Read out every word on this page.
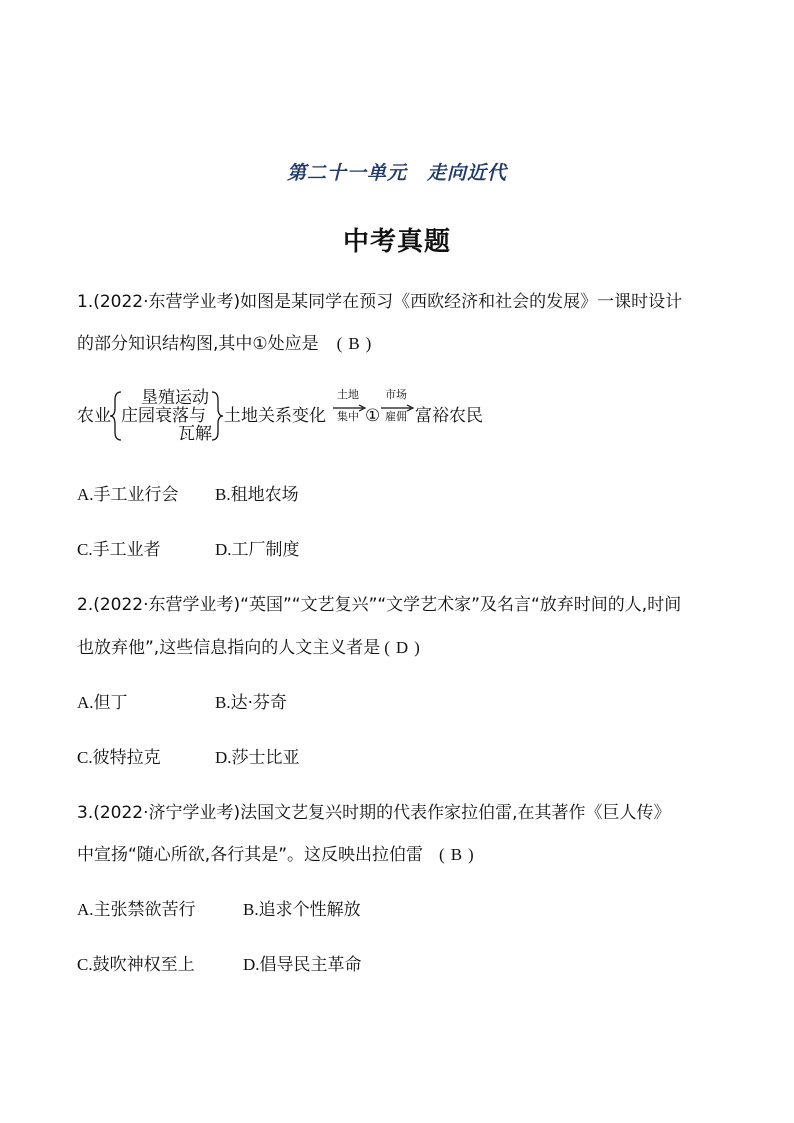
第二十一单元　走向近代
中考真题
1.(2022·东营学业考)如图是某同学在预习《西欧经济和社会的发展》一课时设计
的部分知识结构图,其中①处应是 ( B )
农业
垦殖运动
庄园衰落与
瓦解
土地关系变化
土地
集中 ①
市场
雇佣 富裕农民
A.手工业行会 B.租地农场
C.手工业者	D.工厂制度
2.(2022·东营学业考)“英国”“文艺复兴”“文学艺术家”及名言“放弃时间的人,时间
也放弃他”,这些信息指向的人文主义者是 ( D )
A.但丁	B.达·芬奇
C.彼特拉克	D.莎士比亚
3.(2022·济宁学业考)法国文艺复兴时期的代表作家拉伯雷,在其著作《巨人传》
中宣扬“随心所欲,各行其是”。这反映出拉伯雷 ( B )
A.主张禁欲苦行	B.追求个性解放
C.鼓吹神权至上	D.倡导民主革命
